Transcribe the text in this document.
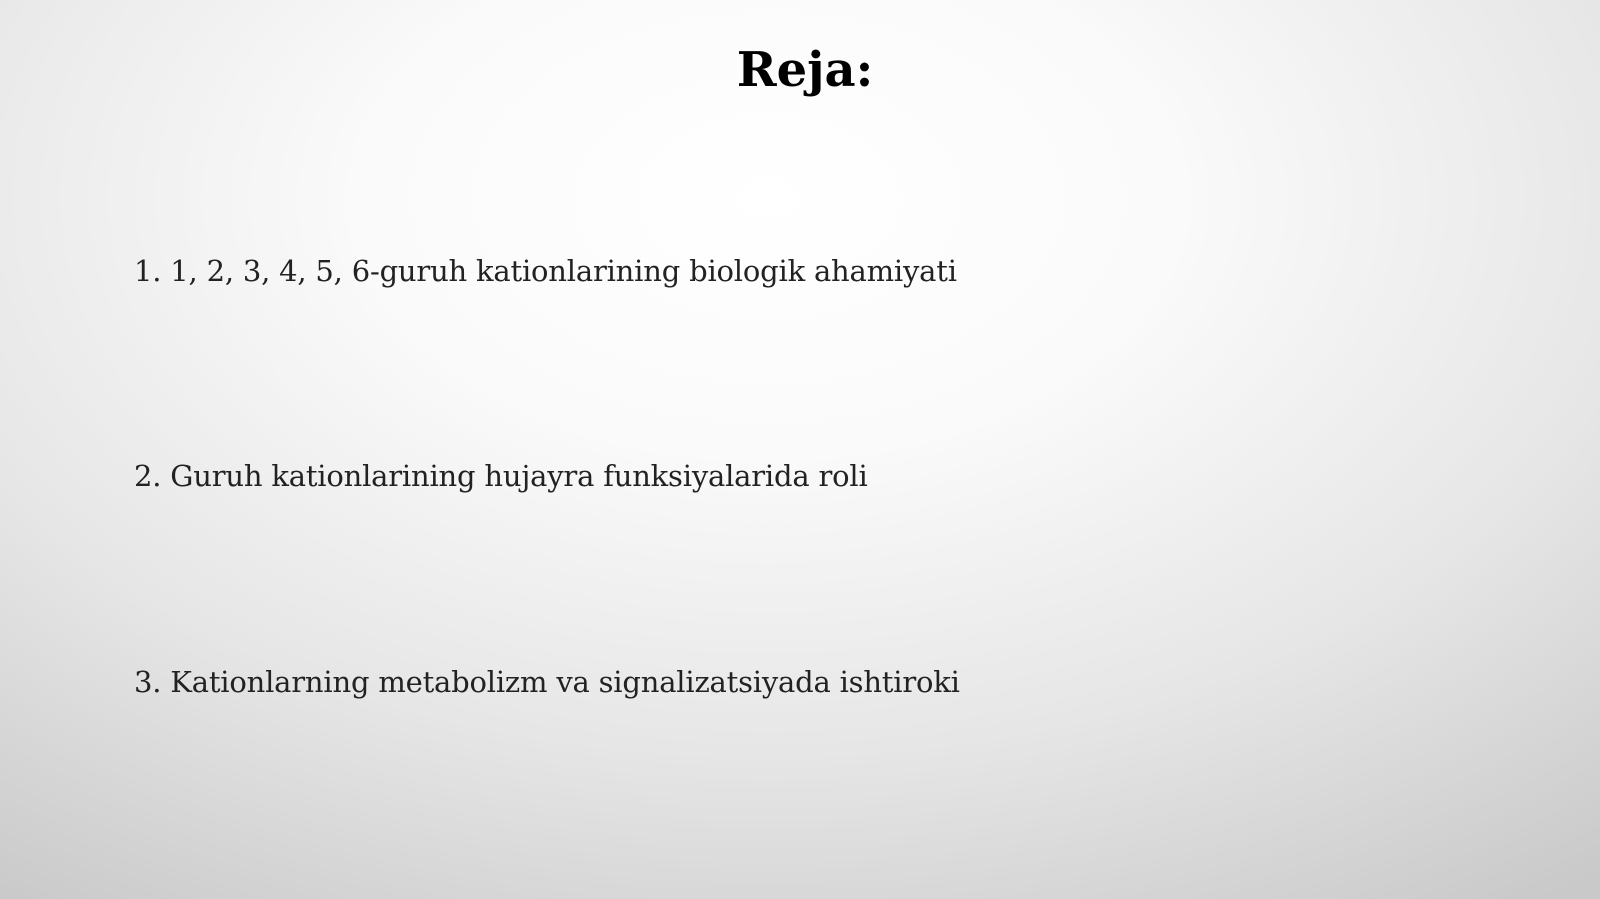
Reja:
1. 1, 2, 3, 4, 5, 6-guruh kationlarining biologik ahamiyati
2. Guruh kationlarining hujayra funksiyalarida roli
3. Kationlarning metabolizm va signalizatsiyada ishtiroki
